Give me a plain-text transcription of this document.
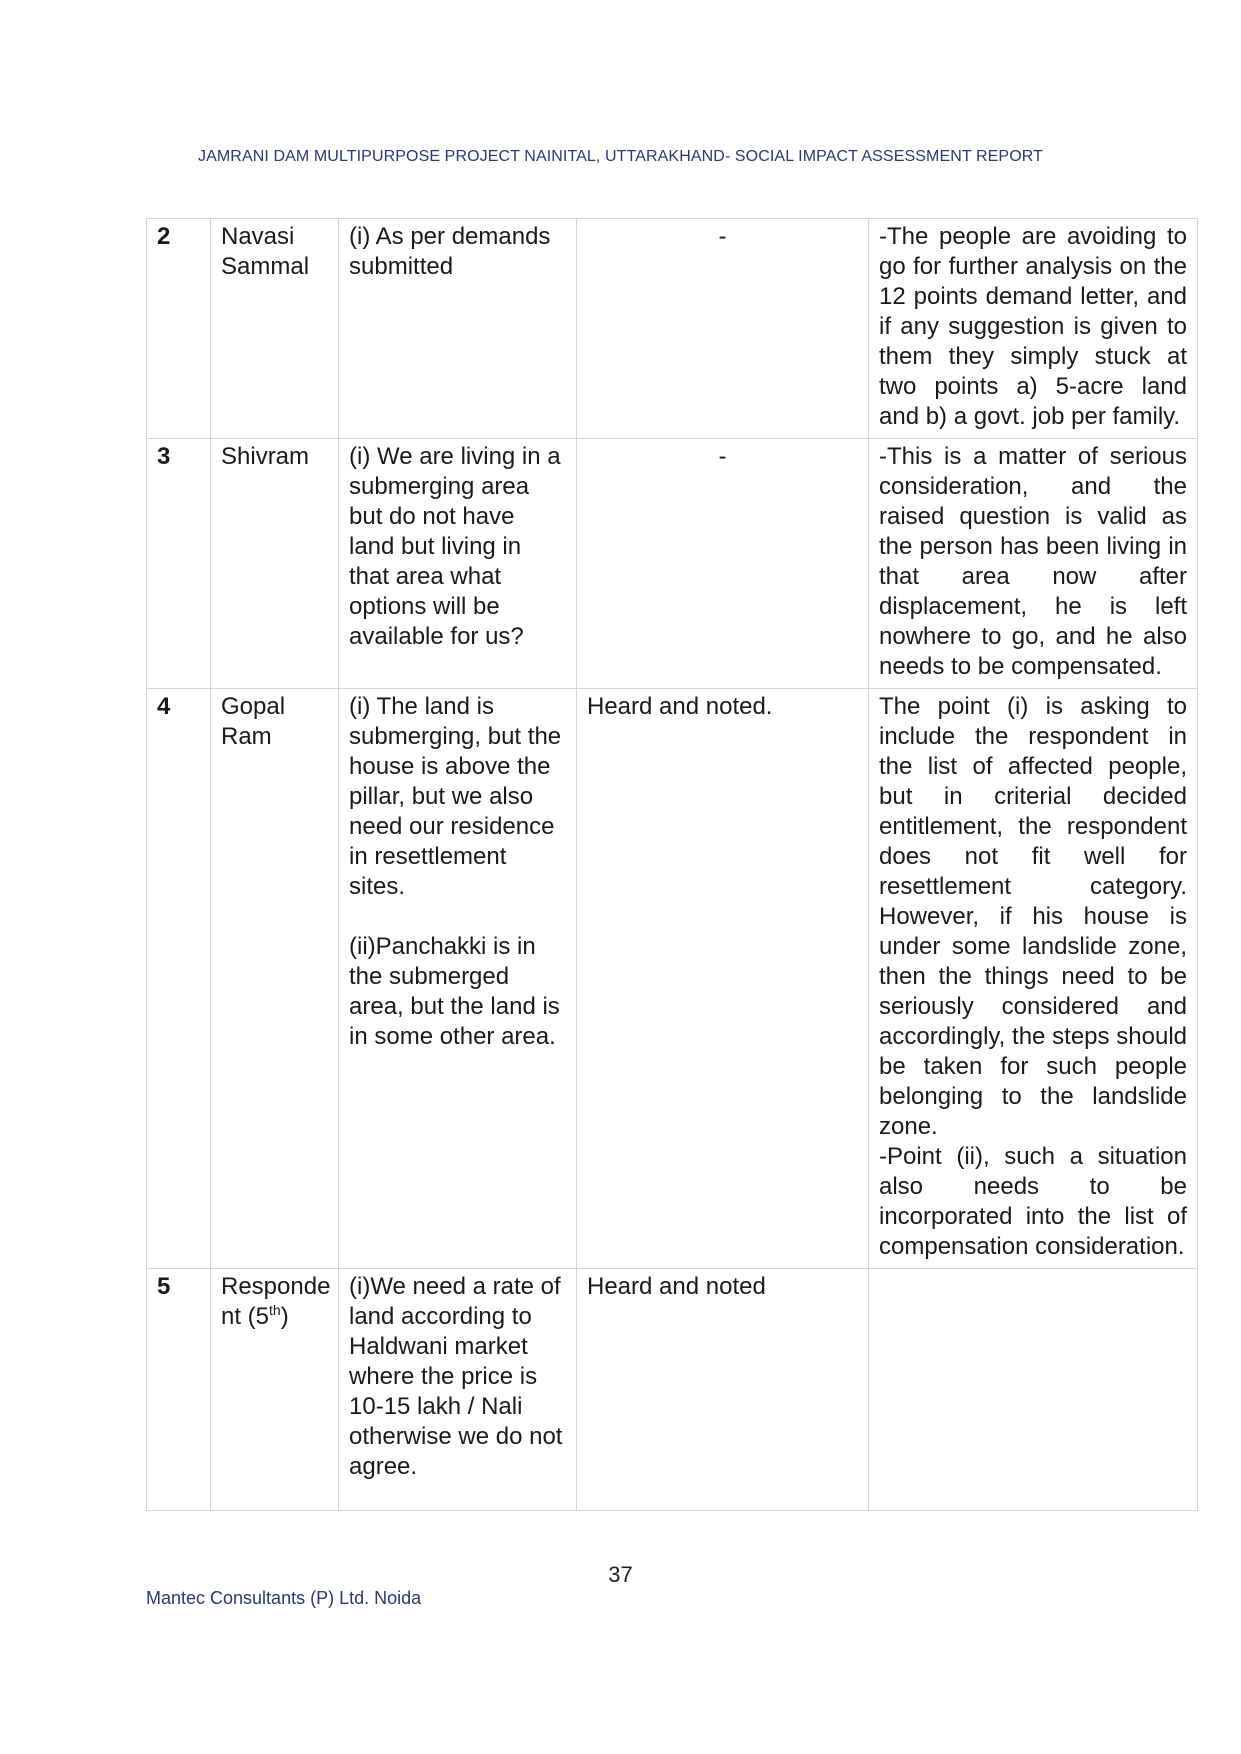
JAMRANI DAM MULTIPURPOSE PROJECT NAINITAL, UTTARAKHAND- SOCIAL IMPACT ASSESSMENT REPORT
2	Navasi Sammal	(i) As per demands submitted	-	-The people are avoiding to go for further analysis on the 12 points demand letter, and if any suggestion is given to them they simply stuck at two points a) 5-acre land and b) a govt. job per family.

3	Shivram	(i) We are living in a submerging area but do not have land but living in that area what options will be available for us?	-	-This is a matter of serious consideration, and the raised question is valid as the person has been living in that area now after displacement, he is left nowhere to go, and he also needs to be compensated.

4	Gopal Ram	(i) The land is submerging, but the house is above the pillar, but we also need our residence in resettlement sites.
(ii)Panchakki is in the submerged area, but the land is in some other area.	Heard and noted.	The point (i) is asking to include the respondent in the list of affected people, but in criterial decided entitlement, the respondent does not fit well for resettlement category. However, if his house is under some landslide zone, then the things need to be seriously considered and accordingly, the steps should be taken for such people belonging to the landslide zone.
-Point (ii), such a situation also needs to be incorporated into the list of compensation consideration.

5	Responde nt (5th)	(i)We need a rate of land according to Haldwani market where the price is 10-15 lakh / Nali otherwise we do not agree.	Heard and noted	
37
Mantec Consultants (P) Ltd. Noida
